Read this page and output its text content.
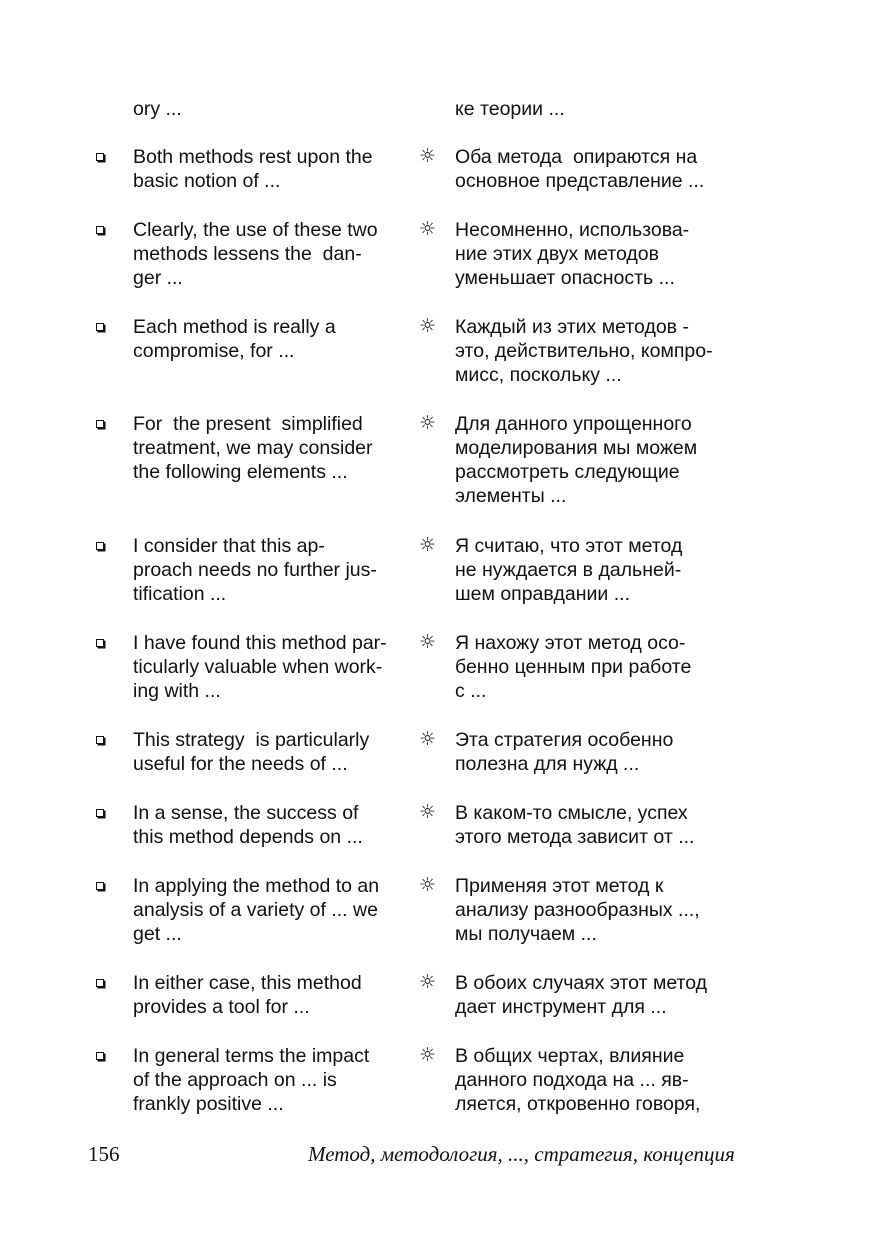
ory ...	ке теории ...
☼
Both methods rest upon the
basic notion of ...
Оба метода  опираются на
основное представление ...
☼
Clearly, the use of these two
methods lessens the  dan-
ger ...
Несомненно, использова-
ние этих двух методов
уменьшает опасность ...
☼
Each method is really a
compromise, for ...
Каждый из этих методов -
это, действительно, компро-
мисс, поскольку ...
☼
For  the present  simplified
treatment, we may consider
the following elements ...
Для данного упрощенного
моделирования мы можем
рассмотреть следующие
элементы ...
☼
I consider that this ap-
proach needs no further jus-
tification ...
Я считаю, что этот метод
не нуждается в дальней-
шем оправдании ...
☼
I have found this method par-
ticularly valuable when work-
ing with ...
Я нахожу этот метод осо-
бенно ценным при работе
с ...
☼
This strategy  is particularly
useful for the needs of ...
Эта стратегия особенно
полезна для нужд ...
☼
In a sense, the success of
this method depends on ...
В каком-то смысле, успех
этого метода зависит от ...
☼
In applying the method to an
analysis of a variety of ... we
get ...
Применяя этот метод к
анализу разнообразных ...,
мы получаем ...
☼
In either case, this method
provides a tool for ...
В обоих случаях этот метод
дает инструмент для ...
☼
In general terms the impact
of the approach on ... is
frankly positive ...
В общих чертах, влияние
данного подхода на ... яв-
ляется, откровенно говоря,
156	Метод, методология, ..., стратегия, концепция
